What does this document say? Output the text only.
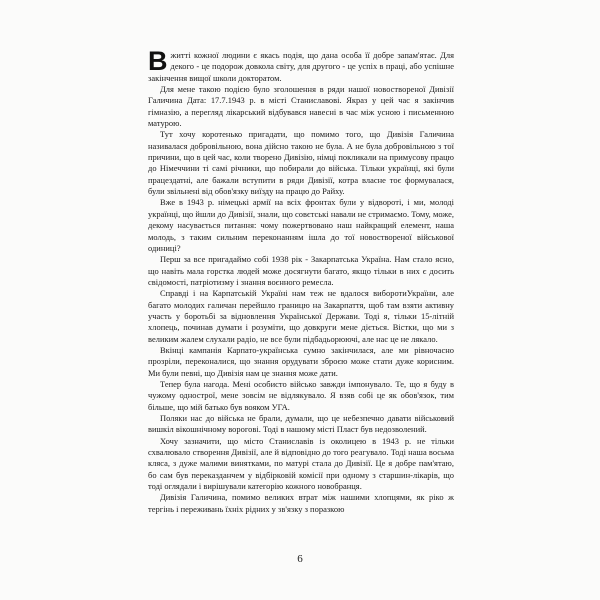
Вжитті кожної людини є якась подія, що дана особа її добре запам'ятає. Для декого - це подорож довкола світу, для другого - це успіх в праці, або успішне закінчення вищої школи докторатом.

Для мене такою подією було зголошення в ряди нашої новоствореної Дивізії Галичина Дата: 17.7.1943 р. в місті Станиславові. Якраз у цей час я закінчив гімназію, а перегляд лікарський відбувався навесні в час між усною і письменною матурою.

Тут хочу коротенько пригадати, що помимо того, що Дивізія Галичина називалася добровільною, вона дійсно такою не була. А не була добровільною з тої причини, що в цей час, коли творено Дивізію, німці покликали на примусову працю до Німеччини ті самі річники, що побирали до війська. Тільки українці, які були працездатні, але бажали вступити в ряди Дивізії, котра власне тоє формувалася, були звільнені від обов'язку виїзду на працю до Райху.

Вже в 1943 р. німецькі армії на всіх фронтах були у відвороті, і ми, молоді українці, що йшли до Дивізії, знали, що совєтські навали не стримаємо. Тому, може, декому насувається питання: чому пожертвовано наш найкращий елемент, наша молодь, з таким сильним переконанням ішла до тої новоствореної військової одиниці?

Перш за все пригадаймо собі 1938 рік - Закарпатська Україна. Нам стало ясно, що навіть мала горстка людей може досягнути багато, якщо тільки в них є досить свідомості, патріотизму і знання воєнного ремесла.

Справді і на Карпатській Україні нам теж не вдалося виборотиУкраїни, але багато молодих галичан перейшло границю на Закарпаття, щоб там взяти активну участь у боротьбі за відновлення Української Держави. Тоді я, тільки 15-літній хлопець, починав думати і розуміти, що довкруги мене діється. Вістки, що ми з великим жалем слухали радіо, не все були підбадьорюючі, але нас це не лякало.

Вкінці кампанія Карпато-українська сумно закінчилася, але ми рівночасно прозріли, переконалися, що знання орудувати зброєю може стати дуже корисним. Ми були певні, що Дивізія нам це знання може дати.

Тепер була нагода. Мені особисто військо завжди імпонувало. Те, що я буду в чужому однострої, мене зовсім не відлякувало. Я взяв собі це як обов'язок, тим більше, що мій батько був вояком УГА.

Поляки нас до війська не брали, думали, що це небезпечно давати військовий вишкіл вікошнічному ворогові. Тоді в нашому місті Пласт був недозволений.

Хочу зазначити, що місто Станиславів із околицею в 1943 р. не тільки схвалювало створення Дивізії, але й відповідно до того реагувало. Тоді наша восьма кляса, з дуже малими винятками, по матурі стала до Дивізії. Це я добре пам'ятаю, бо сам був переказданчем у відбірковій комісії при одному з старшин-лікарів, що тоді оглядали і вирішували категорію кожного новобранця.

Дивізія Галичина, помимо великих втрат між нашими хлопцями, як ріко ж тергінь і переживань їхніх рідних у зв'язку з поразкою

6
